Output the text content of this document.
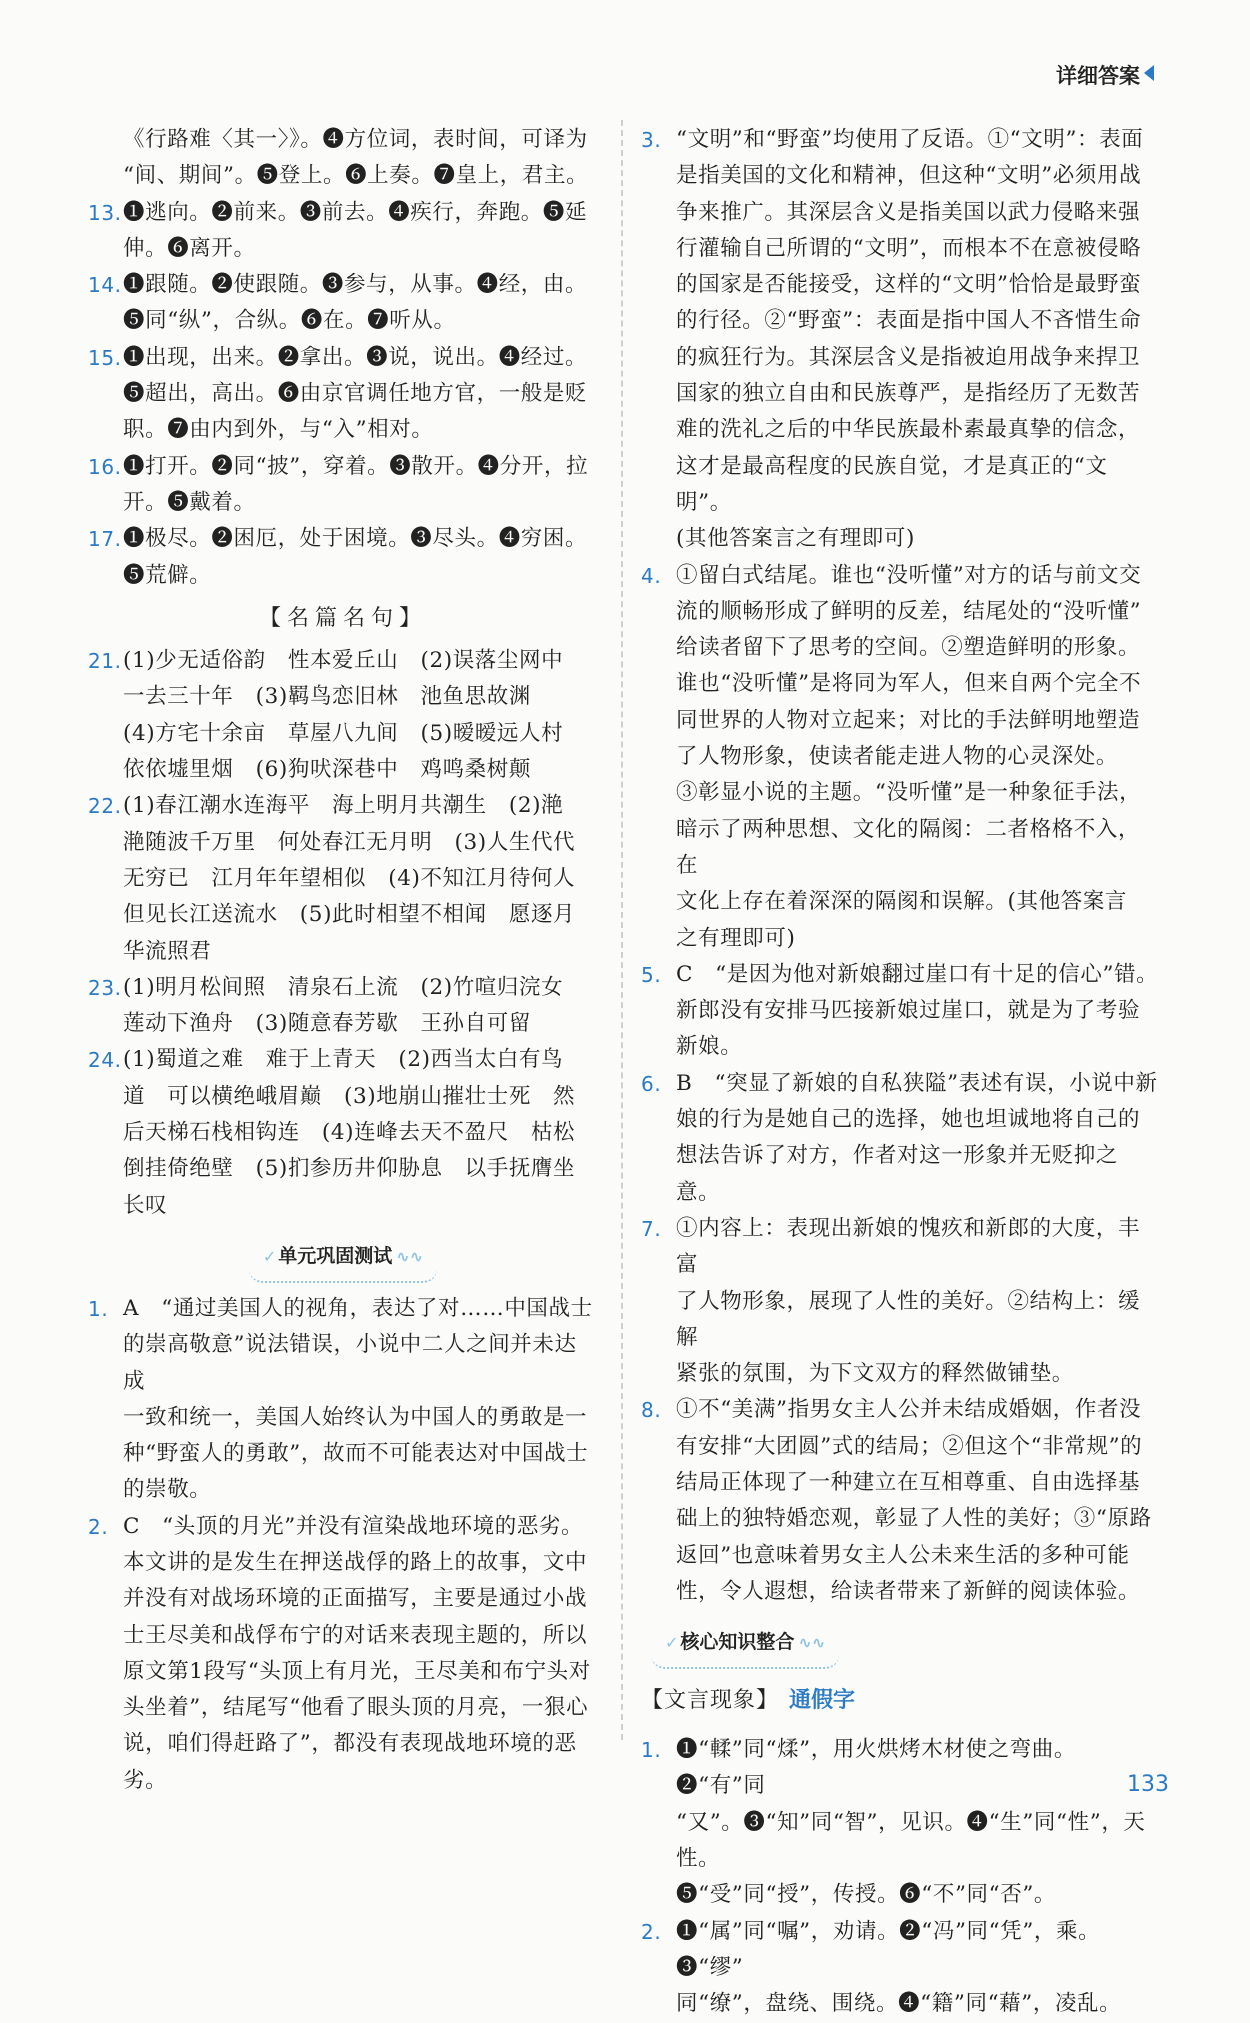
详细答案
《行路难〈其一〉》。❹方位词，表时间，可译为
“间、期间”。❺登上。❻上奏。❼皇上，君主。
13. ❶逃向。❷前来。❸前去。❹疾行，奔跑。❺延
伸。❻离开。
14. ❶跟随。❷使跟随。❸参与，从事。❹经，由。
❺同“纵”，合纵。❻在。❼听从。
15. ❶出现，出来。❷拿出。❸说，说出。❹经过。
❺超出，高出。❻由京官调任地方官，一般是贬
职。❼由内到外，与“入”相对。
16. ❶打开。❷同“披”，穿着。❸散开。❹分开，拉
开。❺戴着。
17. ❶极尽。❷困厄，处于困境。❸尽头。❹穷困。
❺荒僻。
【名篇名句】
21. (1)少无适俗韵　性本爱丘山　(2)误落尘网中
一去三十年　(3)羁鸟恋旧林　池鱼思故渊
(4)方宅十余亩　草屋八九间　(5)暧暧远人村
依依墟里烟　(6)狗吠深巷中　鸡鸣桑树颠
22. (1)春江潮水连海平　海上明月共潮生　(2)滟
滟随波千万里　何处春江无月明　(3)人生代代
无穷已　江月年年望相似　(4)不知江月待何人
但见长江送流水　(5)此时相望不相闻　愿逐月
华流照君
23. (1)明月松间照　清泉石上流　(2)竹喧归浣女
莲动下渔舟　(3)随意春芳歇　王孙自可留
24. (1)蜀道之难　难于上青天　(2)西当太白有鸟
道　可以横绝峨眉巅　(3)地崩山摧壮士死　然
后天梯石栈相钩连　(4)连峰去天不盈尺　枯松
倒挂倚绝壁　(5)扪参历井仰胁息　以手抚膺坐
长叹
✓ 单元巩固测试 ∿∿
1. A　“通过美国人的视角，表达了对……中国战士
的崇高敬意”说法错误，小说中二人之间并未达成
一致和统一，美国人始终认为中国人的勇敢是一
种“野蛮人的勇敢”，故而不可能表达对中国战士
的崇敬。
2. C　“头顶的月光”并没有渲染战地环境的恶劣。
本文讲的是发生在押送战俘的路上的故事，文中
并没有对战场环境的正面描写，主要是通过小战
士王尽美和战俘布宁的对话来表现主题的，所以
原文第1段写“头顶上有月光，王尽美和布宁头对
头坐着”，结尾写“他看了眼头顶的月亮，一狠心
说，咱们得赶路了”，都没有表现战地环境的恶劣。
3. “文明”和“野蛮”均使用了反语。①“文明”：表面
是指美国的文化和精神，但这种“文明”必须用战
争来推广。其深层含义是指美国以武力侵略来强
行灌输自己所谓的“文明”，而根本不在意被侵略
的国家是否能接受，这样的“文明”恰恰是最野蛮
的行径。②“野蛮”：表面是指中国人不吝惜生命
的疯狂行为。其深层含义是指被迫用战争来捍卫
国家的独立自由和民族尊严，是指经历了无数苦
难的洗礼之后的中华民族最朴素最真挚的信念，
这才是最高程度的民族自觉，才是真正的“文明”。
(其他答案言之有理即可)
4. ①留白式结尾。谁也“没听懂”对方的话与前文交
流的顺畅形成了鲜明的反差，结尾处的“没听懂”
给读者留下了思考的空间。②塑造鲜明的形象。
谁也“没听懂”是将同为军人，但来自两个完全不
同世界的人物对立起来；对比的手法鲜明地塑造
了人物形象，使读者能走进人物的心灵深处。
③彰显小说的主题。“没听懂”是一种象征手法，
暗示了两种思想、文化的隔阂：二者格格不入，在
文化上存在着深深的隔阂和误解。(其他答案言
之有理即可)
5. C　“是因为他对新娘翻过崖口有十足的信心”错。
新郎没有安排马匹接新娘过崖口，就是为了考验
新娘。
6. B　“突显了新娘的自私狭隘”表述有误，小说中新
娘的行为是她自己的选择，她也坦诚地将自己的
想法告诉了对方，作者对这一形象并无贬抑之意。
7. ①内容上：表现出新娘的愧疚和新郎的大度，丰富
了人物形象，展现了人性的美好。②结构上：缓解
紧张的氛围，为下文双方的释然做铺垫。
8. ①不“美满”指男女主人公并未结成婚姻，作者没
有安排“大团圆”式的结局；②但这个“非常规”的
结局正体现了一种建立在互相尊重、自由选择基
础上的独特婚恋观，彰显了人性的美好；③“原路
返回”也意味着男女主人公未来生活的多种可能
性，令人遐想，给读者带来了新鲜的阅读体验。
✓ 核心知识整合 ∿∿
【文言现象】 通假字
1. ❶“輮”同“煣”，用火烘烤木材使之弯曲。❷“有”同
“又”。❸“知”同“智”，见识。❹“生”同“性”，天性。
❺“受”同“授”，传授。❻“不”同“否”。
2. ❶“属”同“嘱”，劝请。❷“冯”同“凭”，乘。❸“缪”
同“缭”，盘绕、围绕。❹“籍”同“藉”，凌乱。
133
